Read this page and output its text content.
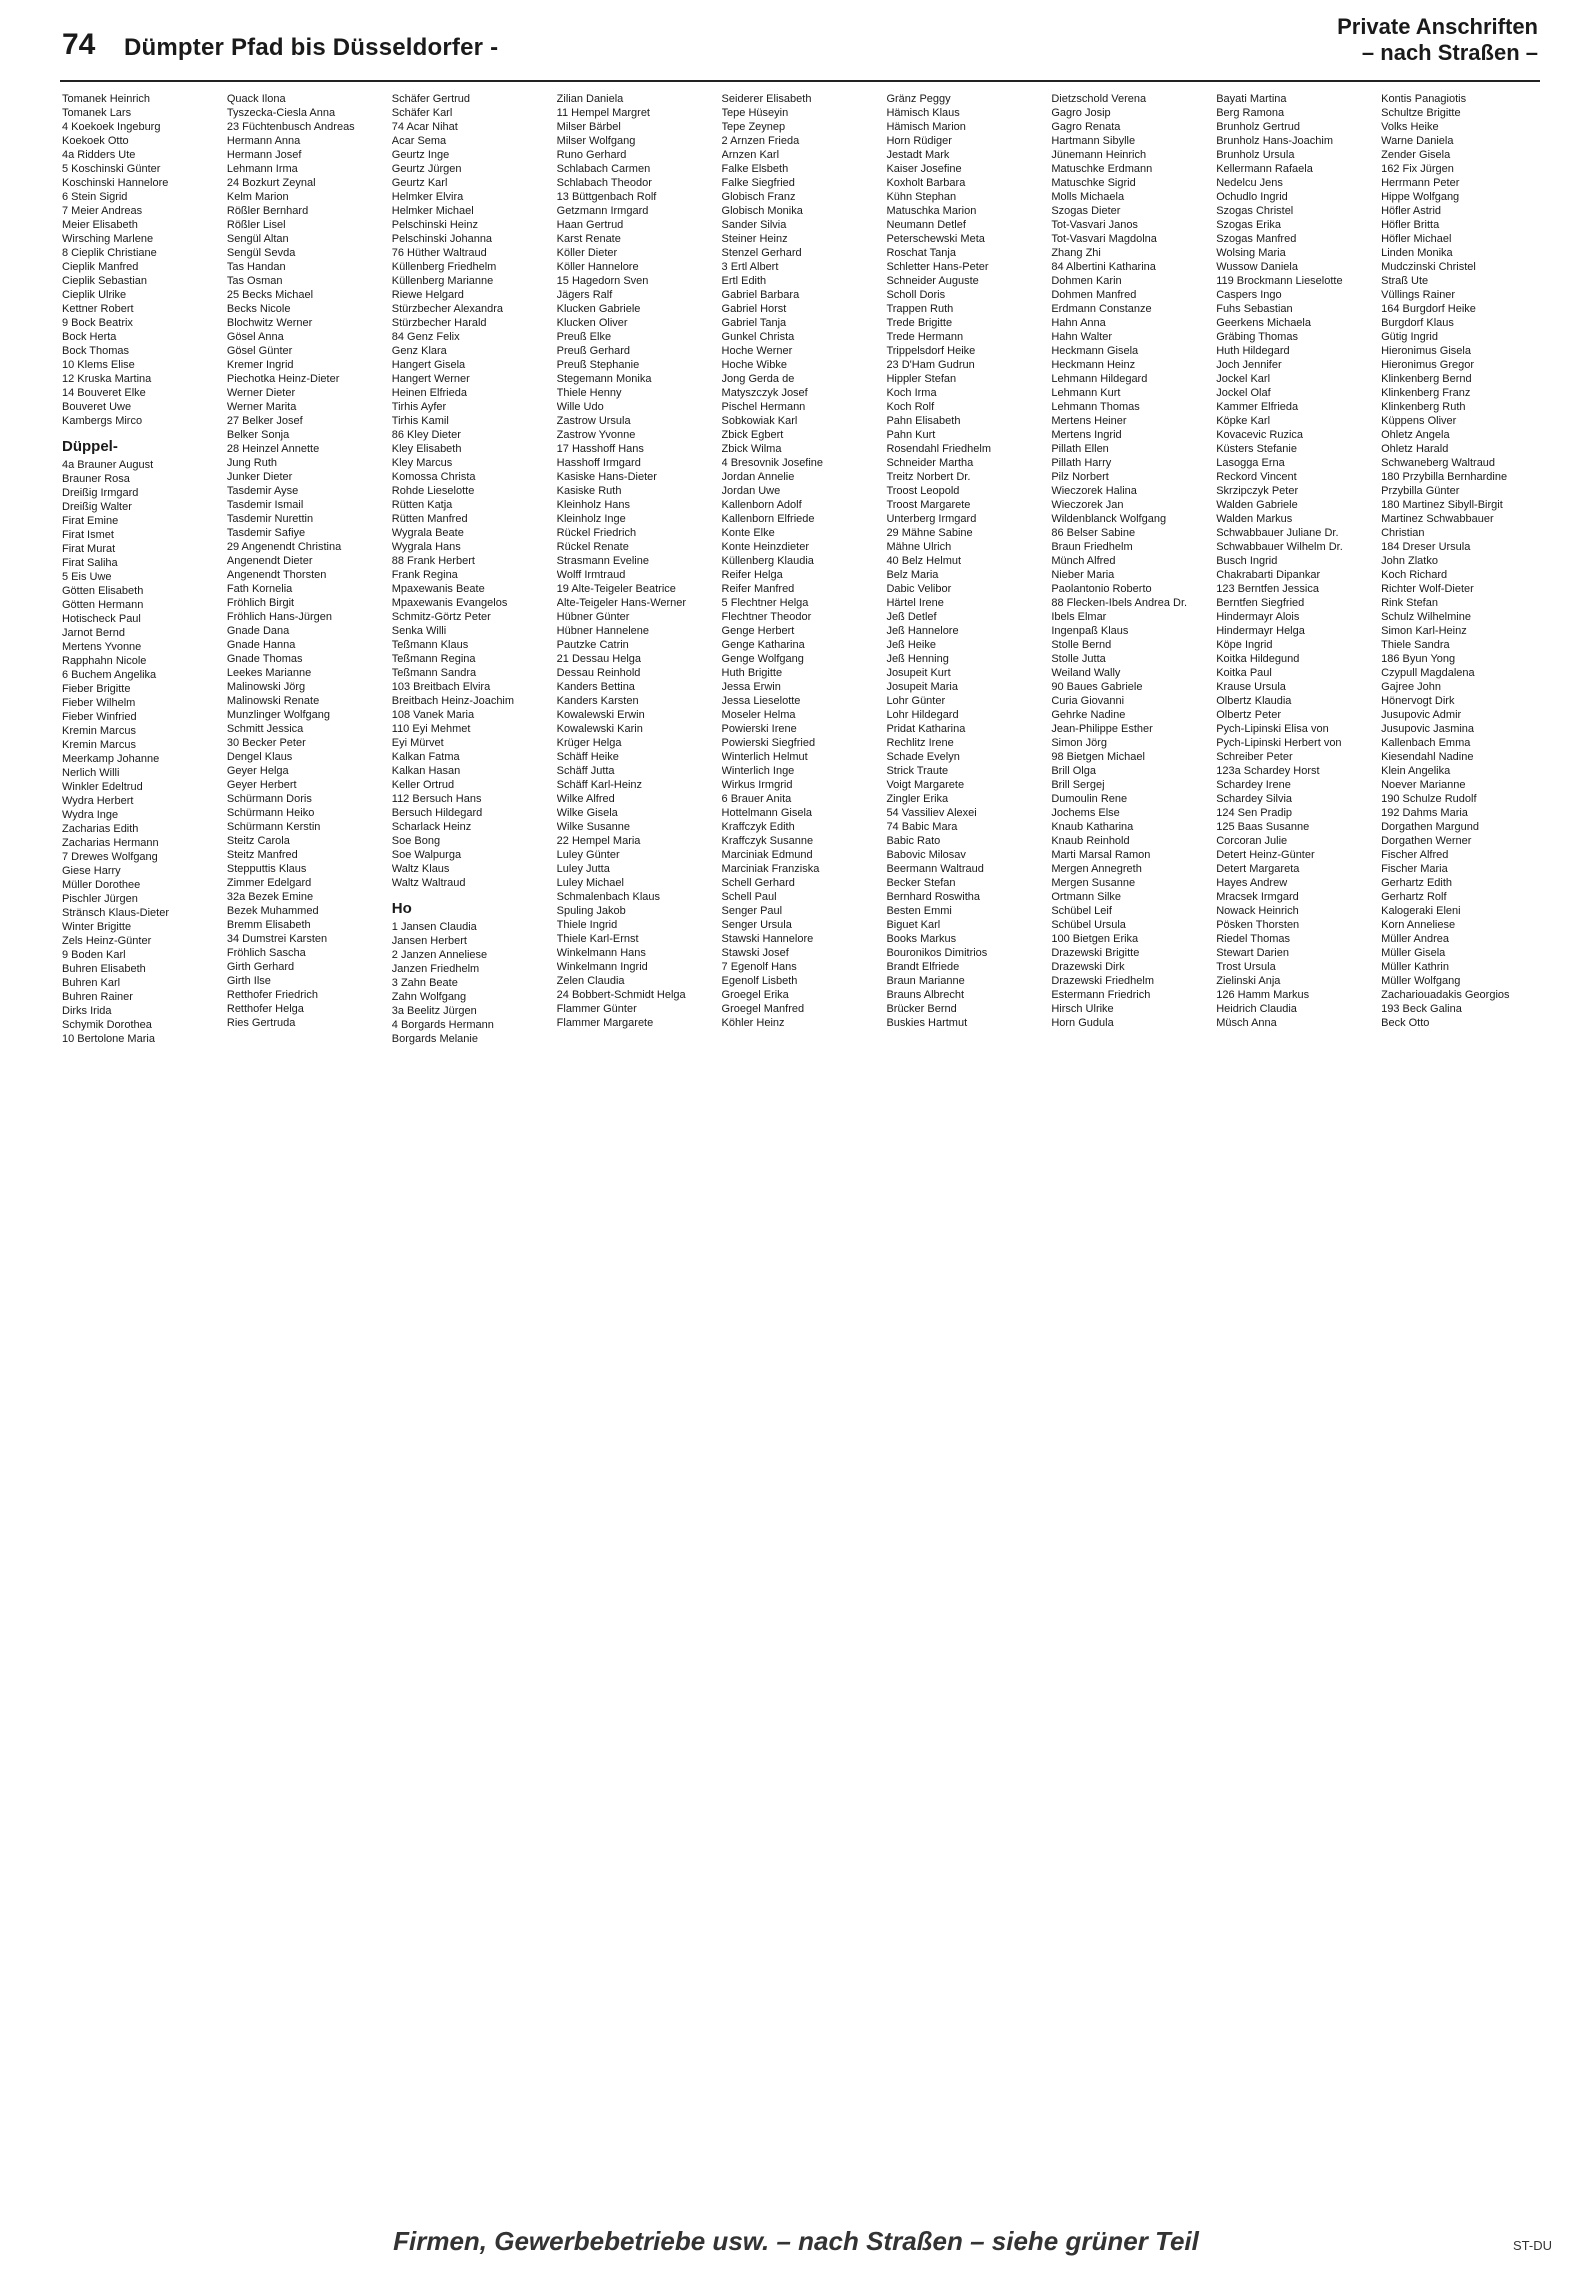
74 Dümpter Pfad bis Düsseldorfer -
Private Anschriften
– nach Straßen –
Tomanek Heinrich
Tomanek Lars
4 Koekoek Ingeburg
Koekoek Otto
4a Ridders Ute
5 Koschinski Günter
Koschinski Hannelore
6 Stein Sigrid
7 Meier Andreas
Meier Elisabeth
Wirsching Marlene
8 Cieplik Christiane
Cieplik Manfred
Cieplik Sebastian
Cieplik Ulrike
Kettner Robert
9 Bock Beatrix
Bock Herta
Bock Thomas
10 Klems Elise
12 Kruska Martina
14 Bouveret Elke
Bouveret Uwe
Kambergs Mirco
Düppel-
4a Brauner August
Brauner Rosa
Dreißig Irmgard
Dreißig Walter
Firat Emine
Firat Ismet
Firat Murat
Firat Saliha
5 Eis Uwe
Götten Elisabeth
Götten Hermann
Hotischeck Paul
Jarnot Bernd
Mertens Yvonne
Rapphahn Nicole
6 Buchem Angelika
Fieber Brigitte
Fieber Wilhelm
Fieber Winfried
Kremin Marcus
Kremin Marcus
Meerkamp Johanne
Nerlich Willi
Winkler Edeltrud
Wydra Herbert
Wydra Inge
Zacharias Edith
Zacharias Hermann
7 Drewes Wolfgang
Giese Harry
Müller Dorothee
Pischler Jürgen
Stränsch Klaus-Dieter
Winter Brigitte
Zels Heinz-Günter
9 Boden Karl
Buhren Elisabeth
Buhren Karl
Buhren Rainer
Dirks Irida
Schymik Dorothea
10 Bertolone Maria
Quack Ilona
Tyszecka-Ciesla Anna
23 Füchtenbusch Andreas
Hermann Anna
Hermann Josef
Lehmann Irma
24 Bozkurt Zeynal
Kelm Marion
Rößler Bernhard
Rößler Lisel
Sengül Altan
Sengül Sevda
Tas Handan
Tas Osman
25 Becks Michael
Becks Nicole
Blochwitz Werner
Gösel Anna
Gösel Günter
Kremer Ingrid
Piechotka Heinz-Dieter
Werner Dieter
Werner Marita
27 Belker Josef
Belker Sonja
28 Heinzel Annette
Jung Ruth
Junker Dieter
Tasdemir Ayse
Tasdemir Ismail
Tasdemir Nurettin
Tasdemir Safiye
29 Angenendt Christina
Angenendt Dieter
Angenendt Thorsten
Fath Kornelia
Fröhlich Birgit
Fröhlich Hans-Jürgen
Gnade Dana
Gnade Hanna
Gnade Thomas
Leekes Marianne
Malinowski Jörg
Malinowski Renate
Munzlinger Wolfgang
Schmitt Jessica
30 Becker Peter
Dengel Klaus
Geyer Helga
Geyer Herbert
Schürmann Doris
Schürmann Heiko
Schürmann Kerstin
Steitz Carola
Steitz Manfred
Stepputtis Klaus
Zimmer Edelgard
32a Bezek Emine
Bezek Muhammed
Bremm Elisabeth
34 Dumstrei Karsten
Fröhlich Sascha
Girth Gerhard
Girth Ilse
Retthofer Friedrich
Retthofer Helga
Ries Gertruda
Schäfer Gertrud
Schäfer Karl
74 Acar Nihat
Acar Sema
Geurtz Inge
Geurtz Jürgen
Geurtz Karl
Helmker Elvira
Helmker Michael
Pelschinski Heinz
Pelschinski Johanna
76 Hüther Waltraud
Küllenberg Friedhelm
Küllenberg Marianne
Riewe Helgard
Stürzbecher Alexandra
Stürzbecher Harald
84 Genz Felix
Genz Klara
Hangert Gisela
Hangert Werner
Heinen Elfrieda
Tirhis Ayfer
Tirhis Kamil
86 Kley Dieter
Kley Elisabeth
Kley Marcus
Komossa Christa
Rohde Lieselotte
Rütten Katja
Rütten Manfred
Wygrala Beate
Wygrala Hans
88 Frank Herbert
Frank Regina
Mpaxewanis Beate
Mpaxewanis Evangelos
Schmitz-Görtz Peter
Senka Willi
Teßmann Klaus
Teßmann Regina
Teßmann Sandra
103 Breitbach Elvira
Breitbach Heinz-Joachim
108 Vanek Maria
110 Eyi Mehmet
Eyi Mürvet
Kalkan Fatma
Kalkan Hasan
Keller Ortrud
112 Bersuch Hans
Bersuch Hildegard
Scharlack Heinz
Soe Bong
Soe Walpurga
Waltz Klaus
Waltz Waltraud
Ho
1 Jansen Claudia
Jansen Herbert
2 Janzen Anneliese
Janzen Friedhelm
3 Zahn Beate
Zahn Wolfgang
3a Beelitz Jürgen
4 Borgards Hermann
Borgards Melanie
Zilian Daniela
11 Hempel Margret
Milser Bärbel
Milser Wolfgang
Runo Gerhard
Schlabach Carmen
Schlabach Theodor
13 Büttgenbach Rolf
Getzmann Irmgard
Haan Gertrud
Karst Renate
Köller Dieter
Köller Hannelore
15 Hagedorn Sven
Jägers Ralf
Klucken Gabriele
Klucken Oliver
Preuß Elke
Preuß Gerhard
Preuß Stephanie
Stegemann Monika
Thiele Henny
Wille Udo
Zastrow Ursula
Zastrow Yvonne
17 Hasshoff Hans
Hasshoff Irmgard
Kasiske Hans-Dieter
Kasiske Ruth
Kleinholz Hans
Kleinholz Inge
Rückel Friedrich
Rückel Renate
Strasmann Eveline
Wolff Irmtraud
19 Alte-Teigeler Beatrice
Alte-Teigeler Hans-Werner
Hübner Günter
Hübner Hannelene
Pautzke Catrin
21 Dessau Helga
Dessau Reinhold
Kanders Bettina
Kanders Karsten
Kowalewski Erwin
Kowalewski Karin
Krüger Helga
Schäff Heike
Schäff Jutta
Schäff Karl-Heinz
Wilke Alfred
Wilke Gisela
Wilke Susanne
22 Hempel Maria
Luley Günter
Luley Jutta
Luley Michael
Schmalenbach Klaus
Spuling Jakob
Thiele Ingrid
Thiele Karl-Ernst
Winkelmann Hans
Winkelmann Ingrid
Zelen Claudia
24 Bobbert-Schmidt Helga
Flammer Günter
Flammer Margarete
Seiderer Elisabeth
Tepe Hüseyin
Tepe Zeynep
2 Arnzen Frieda
Arnzen Karl
Falke Elsbeth
Falke Siegfried
Globisch Franz
Globisch Monika
Sander Silvia
Steiner Heinz
Stenzel Gerhard
3 Ertl Albert
Ertl Edith
Gabriel Barbara
Gabriel Horst
Gabriel Tanja
Gunkel Christa
Hoche Werner
Hoche Wibke
Jong Gerda de
Matyszczyk Josef
Pischel Hermann
Sobkowiak Karl
Zbick Egbert
Zbick Wilma
4 Bresovnik Josefine
Jordan Annelie
Jordan Uwe
Kallenborn Adolf
Kallenborn Elfriede
Konte Elke
Konte Heinzdieter
Küllenberg Klaudia
Reifer Helga
Reifer Manfred
5 Flechtner Helga
Flechtner Theodor
Genge Herbert
Genge Katharina
Genge Wolfgang
Huth Brigitte
Jessa Erwin
Jessa Lieselotte
Moseler Helma
Powierski Irene
Powierski Siegfried
Winterlich Helmut
Winterlich Inge
Wirkus Irmgrid
6 Brauer Anita
Hottelmann Gisela
Kraffczyk Edith
Kraffczyk Susanne
Marciniak Edmund
Marciniak Franziska
Schell Gerhard
Schell Paul
Senger Paul
Senger Ursula
Stawski Hannelore
Stawski Josef
7 Egenolf Hans
Egenolf Lisbeth
Groegel Erika
Groegel Manfred
Köhler Heinz
Gränz Peggy
Hämisch Klaus
Hämisch Marion
Horn Rüdiger
Jestadt Mark
Kaiser Josefine
Koxholt Barbara
Kühn Stephan
Matuschka Marion
Neumann Detlef
Peterschewski Meta
Roschat Tanja
Schletter Hans-Peter
Schneider Auguste
Scholl Doris
Trappen Ruth
Trede Brigitte
Trede Hermann
Trippelsdorf Heike
23 D'Ham Gudrun
Hippler Stefan
Koch Irma
Koch Rolf
Pahn Elisabeth
Pahn Kurt
Rosendahl Friedhelm
Schneider Martha
Treitz Norbert Dr.
Troost Leopold
Troost Margarete
Unterberg Irmgard
29 Mähne Sabine
Mähne Ulrich
40 Belz Helmut
Belz Maria
Dabic Velibor
Härtel Irene
Jeß Detlef
Jeß Hannelore
Jeß Heike
Jeß Henning
Josupeit Kurt
Josupeit Maria
Lohr Günter
Lohr Hildegard
Pridat Katharina
Rechlitz Irene
Schade Evelyn
Strick Traute
Voigt Margarete
Zingler Erika
54 Vassiliev Alexei
74 Babic Mara
Babic Rato
Babovic Milosav
Beermann Waltraud
Becker Stefan
Bernhard Roswitha
Besten Emmi
Biguet Karl
Books Markus
Bouronikos Dimitrios
Brandt Elfriede
Braun Marianne
Brauns Albrecht
Brücker Bernd
Buskies Hartmut
Dietzschold Verena
Gagro Josip
Gagro Renata
Hartmann Sibylle
Jünemann Heinrich
Matuschke Erdmann
Matuschke Sigrid
Molls Michaela
Szogas Dieter
Tot-Vasvari Janos
Tot-Vasvari Magdolna
Zhang Zhi
84 Albertini Katharina
Dohmen Karin
Dohmen Manfred
Erdmann Constanze
Hahn Anna
Hahn Walter
Heckmann Gisela
Heckmann Heinz
Lehmann Hildegard
Lehmann Kurt
Lehmann Thomas
Mertens Heiner
Mertens Ingrid
Pillath Ellen
Pillath Harry
Pilz Norbert
Wieczorek Halina
Wieczorek Jan
Wildenblanck Wolfgang
86 Belser Sabine
Braun Friedhelm
Münch Alfred
Nieber Maria
Paolantonio Roberto
88 Flecken-Ibels Andrea Dr.
Ibels Elmar
Ingenpaß Klaus
Stolle Bernd
Stolle Jutta
Weiland Wally
90 Baues Gabriele
Curia Giovanni
Gehrke Nadine
Jean-Philippe Esther
Simon Jörg
98 Bietgen Michael
Brill Olga
Brill Sergej
Dumoulin Rene
Jochems Else
Knaub Katharina
Knaub Reinhold
Marti Marsal Ramon
Mergen Annegreth
Mergen Susanne
Ortmann Silke
Schübel Leif
Schübel Ursula
100 Bietgen Erika
Drazewski Brigitte
Drazewski Dirk
Drazewski Friedhelm
Estermann Friedrich
Hirsch Ulrike
Horn Gudula
Bayati Martina
Berg Ramona
Brunholz Gertrud
Brunholz Hans-Joachim
Brunholz Ursula
Kellermann Rafaela
Nedelcu Jens
Ochudlo Ingrid
Szogas Christel
Szogas Erika
Szogas Manfred
Wolsing Maria
Wussow Daniela
119 Brockmann Lieselotte
Caspers Ingo
Fuhs Sebastian
Geerkens Michaela
Gräbing Thomas
Huth Hildegard
Joch Jennifer
Jockel Karl
Jockel Olaf
Kammer Elfrieda
Köpke Karl
Kovacevic Ruzica
Küsters Stefanie
Lasogga Erna
Reckord Vincent
Skrzipczyk Peter
Walden Gabriele
Walden Markus
Schwabbauer Juliane Dr.
Schwabbauer Wilhelm Dr.
Busch Ingrid
Chakrabarti Dipankar
123 Berntfen Jessica
Berntfen Siegfried
Hindermayr Alois
Hindermayr Helga
Köpe Ingrid
Koitka Hildegund
Koitka Paul
Krause Ursula
Olbertz Klaudia
Olbertz Peter
Pych-Lipinski Elisa von
Pych-Lipinski Herbert von
Schreiber Peter
123a Schardey Horst
Schardey Irene
Schardey Silvia
124 Sen Pradip
125 Baas Susanne
Corcoran Julie
Detert Heinz-Günter
Detert Margareta
Hayes Andrew
Mracsek Irmgard
Nowack Heinrich
Pösken Thorsten
Riedel Thomas
Stewart Darien
Trost Ursula
Zielinski Anja
126 Hamm Markus
Heidrich Claudia
Müsch Anna
Kontis Panagiotis
Schultze Brigitte
Volks Heike
Warne Daniela
Zender Gisela
162 Fix Jürgen
Herrmann Peter
Hippe Wolfgang
Höfler Astrid
Höfler Britta
Höfler Michael
Linden Monika
Mudczinski Christel
Straß Ute
Vüllings Rainer
164 Burgdorf Heike
Burgdorf Klaus
Gütig Ingrid
Hieronimus Gisela
Hieronimus Gregor
Klinkenberg Bernd
Klinkenberg Franz
Klinkenberg Ruth
Küppens Oliver
Ohletz Angela
Ohletz Harald
Schwaneberg Waltraud
180 Przybilla Bernhardine
Przybilla Günter
180 Martinez Sibyll-Birgit
Martinez Schwabbauer
Christian
184 Dreser Ursula
John Zlatko
Koch Richard
Richter Wolf-Dieter
Rink Stefan
Schulz Wilhelmine
Simon Karl-Heinz
Thiele Sandra
186 Byun Yong
Czypull Magdalena
Gajree John
Hönervogt Dirk
Jusupovic Admir
Jusupovic Jasmina
Kallenbach Emma
Kiesendahl Nadine
Klein Angelika
Noever Marianne
190 Schulze Rudolf
192 Dahms Maria
Dorgathen Margund
Dorgathen Werner
Fischer Alfred
Fischer Maria
Gerhartz Edith
Gerhartz Rolf
Kalogeraki Eleni
Korn Anneliese
Müller Andrea
Müller Gisela
Müller Kathrin
Müller Wolfgang
Zachariouadakis Georgios
193 Beck Galina
Beck Otto
Firmen, Gewerbebetriebe usw. – nach Straßen – siehe grüner Teil	ST-DU
